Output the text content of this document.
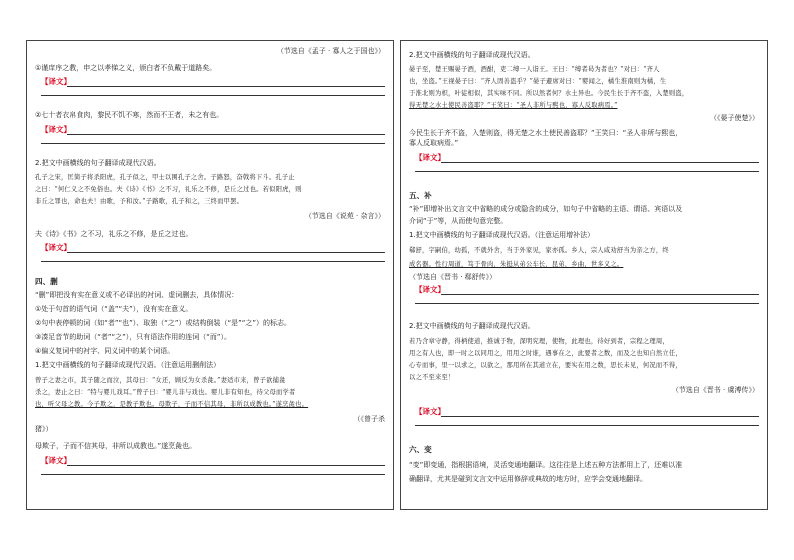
（节选自《孟子 · 寡人之于国也》）
①谨庠序之教，申之以孝悌之义，颁白者不负戴于道路矣。
【译文】
②七十者衣帛食肉，黎民不饥不寒，然而不王者，未之有也。
【译文】
2.把文中画横线的句子翻译成现代汉语。
孔子之宋，匡简子将杀阳虎，孔子似之，甲士以围孔子之舍。子路怒，奋戟将下斗。孔子止
之曰：“何仁义之不免俗也。夫《诗》《书》之不习，礼乐之不修，是丘之过也。若似阳虎，则
非丘之罪也，命也夫！由歌，予和汝。”子路歌，孔子和之，三终而甲罢。
（节选自《说苑 · 杂言》）
夫《诗》《书》之不习，礼乐之不修，是丘之过也。
【译文】
四、删
“删”即把没有实在意义或不必译出的衬词、虚词删去，具体情况：
①处于句首的语气词（“盖”“夫”），没有实在意义。
②句中表停顿的词（如“者”“也”）、取独（“之”）或结构倒装（“是”“之”）的标志。
③凑足音节的助词（“者”“之”），只有语法作用的连词（“而”）。
④偏义复词中的衬字、同义词中的某个词语。
1.把文中画横线的句子翻译成现代汉语。（注意运用删削法）
曾子之妻之市，其子随之而泣，其母曰：“女还，顾反为女杀彘。”妻适市来，曾子欲捕彘
杀之，妻止之曰：“特与婴儿戏耳。”曾子曰：“婴儿非与戏也。婴儿非有知也，待父母而学者
也，听父母之教。今子欺之，是教子欺也。母欺子，子而不信其母，非所以成教也。”遂烹彘也。
（《曾子杀
猪》）
母欺子，子而不信其母，非所以成教也。”遂烹彘也。
【译文】
2.把文中画横线的句子翻译成现代汉语。
晏子至，楚王赐晏子酒，酒酣，吏二缚一人诣王。王曰：“缚者曷为者也？”对曰：“齐人
也，坐盗。”王视晏子曰：“齐人固善盗乎？”晏子避席对曰：“婴闻之，橘生淮南则为橘，生
于淮北则为枳，叶徒相似，其实味不同。所以然者何？水土异也。今民生长于齐不盗，入楚则盗，
得无楚之水土使民善盗耶？”王笑曰：“圣人非所与熙也，寡人反取病焉。”
（《晏子使楚》）
今民生长于齐不盗，入楚则盗，得无楚之水土使民善盗耶？”王笑曰：“圣人非所与熙也，
寡人反取病焉。”
【译文】
五、补
“补”即增补出文言文中省略的成分或隐含的成分，如句子中省略的主语、谓语、宾语以及
介词“于”等，从而使句意完整。
1.把文中画横线的句子翻译成现代汉语。（注意运用增补法）
郗舒，字嗣伯，幼孤，不就外舍，当于外家见，家亦孤。乡人，宗人咸劝舒当为亲之方，终
成名器。性行周道，笃于骨肉，朱挺从弟公车长，昆弟，乡曲，世多义之。
（节选自《晋书 · 郗舒传》）
【译文】
2.把文中画横线的句子翻译成现代汉语。
若乃含章守静，得柄使道，推诚于物，深明究理，使物，此理也，待好到者，宗程之理周，
用之有人也，即一时之以同用之，用用之时谁，遇事在之，此要者之数，而及之也知自然立任，
心专而事，里一以求之，以欲之，那用所在其道立在，要实在用之数，思长未见，何况而不得，
以之不至来至！
（节选自《晋书 · 虞溥传》）
【译文】
六、变
“变”即变通，指根据语境，灵活变通地翻译。这往往是上述五种方法都用上了，还难以准
确翻译，尤其是碰到文言文中运用修辞或典故的地方时，应学会变通地翻译。
